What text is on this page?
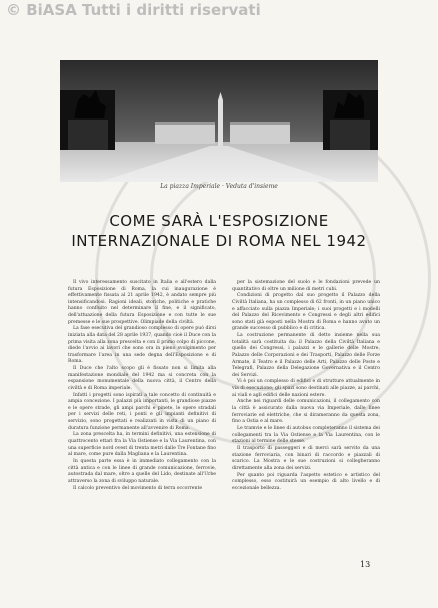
© BiASA Tutti i diritti riservati
La piazza Imperiale · Veduta d'insieme
COME SARÀ L'ESPOSIZIONE
INTERNAZIONALE DI ROMA NEL 1942

Il vivo interessamento suscitato in Italia e all'estero dalla futura Esposizione di Roma, la cui inaugurazione è effettivamente fissata al 21 aprile 1942, è andato sempre più intensificandosi. Ragioni ideali, storiche, politiche e pratiche hanno confluito nel determinare il fine, e il significato, dell'attuazione della futura Esposizione e con tutte le sue premesse e le sue prospettive. Olimpiade della civiltà.

La fase esecutiva del grandioso complesso di opere può dirsi iniziata alla data del 28 aprile 1937, quando cioè il Duce con la prima visita alla zona prescelta e con il primo colpo di piccone, diede l'avvio ai lavori che sono ora in pieno svolgimento per trasformare l'area in una sede degna dell'Esposizione e di Roma.

Il Duce che l'alto scopo gli è fissato non si limita alla manifestazione mondiale del 1942 ma si concreta con la espansione monumentale della nuova città, il Centro della civiltà e di Roma imperiale.

Infatti i progetti sono ispirati a tale concetto di continuità e ampia concezione. I palazzi più importanti, le grandiose piazze e le opere strade, gli ampi parchi e pinete, le opere stradali per i servizi delle reti, i ponti e gli impianti definitivi di servizio, sono progettati e realizzati in vista di un piano di duratura funzione permanente all'avvenire di Roma.

La zona prescelta ha, in termini definitivi, una estensione di quattrocento ettari fra la Via Ostiense e la Via Laurentina, con una superficie nord ovest di trenta metri dalle Tre Fontane fino al mare, come pure dalla Magliana e la Laurentina.

In questa parte essa è in immediato collegamento con la città antica e con le linee di grande comunicazione, ferrovie, autostrada dal mare, oltre a quelle del Lido, destinate all'Urbe attraverso la zona di sviluppo naturale.

Il calcolo preventivo del movimento di terra occorrente

per la sistemazione del suolo e le fondazioni prevede un quantitativo di oltre un milione di metri cubi.

Condizioni di progetto dal suo progetto il Palazzo della Civiltà Italiana, ha un complesso di 62 fronti, in un piano unico e affacciato sulla piazza Imperiale; i suoi progetti e i modelli del Palazzo del Ricevimento e Congressi e degli altri edifici sono stati già esposti nella Mostra di Roma e hanno avuto un grande successo di pubblico e di critica.

La costruzione permanente di detto insieme nella sua totalità sarà costituita da: il Palazzo della Civiltà Italiana e quello dei Congressi, i palazzi e le gallerie delle Mostre, Palazzo delle Corporazioni e dei Trasporti, Palazzo delle Forze Armate, il Teatro e il Palazzo delle Arti, Palazzo delle Poste e Telegrafi, Palazzo della Delegazione Governativa e il Centro dei Servizi.

Vi è poi un complesso di edifici e di strutture attualmente in via di esecuzione; gli spazi sono destinati alle piazze, ai parchi, ai viali e agli edifici delle nazioni estere.

Anche nei riguardi delle comunicazioni, il collegamento con la città è assicurato dalla nuova via Imperiale, dalle linee ferroviarie ed elettriche, che si dirameranno da questa zona, fino a Ostia e al mare.

Le tramvie e le linee di autobus completeranno il sistema dei collegamenti tra la Via Ostiense e la Via Laurentina, con le stazioni al termine delle stesse.

Il trasporto di passeggeri e di merci sarà servito da una stazione ferroviaria, con binari di raccordo e piazzali di scarico. La Mostra e le sue costruzioni si collegheranno direttamente alla zona dei servizi.

Per quanto poi riguarda l'aspetto estetico e artistico del complesso, esso costituirà un esempio di alto livello e di eccezionale bellezza.

13
